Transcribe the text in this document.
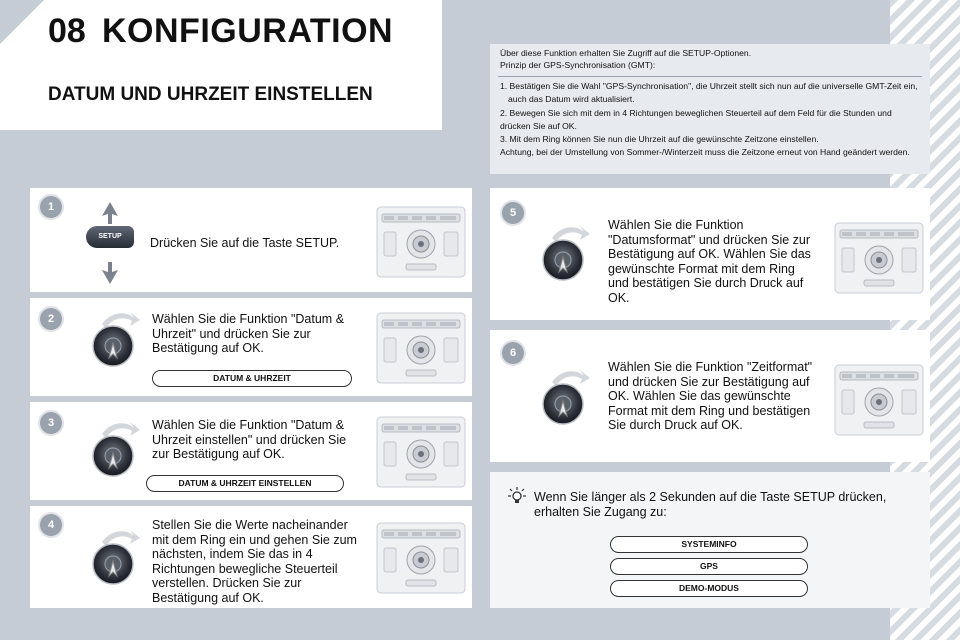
08 KONFIGURATION
DATUM UND UHRZEIT EINSTELLEN
Über diese Funktion erhalten Sie Zugriff auf die SETUP-Optionen.
Prinzip der GPS-Synchronisation (GMT):
1. Bestätigen Sie die Wahl "GPS-Synchronisation", die Uhrzeit stellt sich nun auf die universelle GMT-Zeit ein, auch das Datum wird aktualisiert.
2. Bewegen Sie sich mit dem in 4 Richtungen beweglichen Steuerteil auf dem Feld für die Stunden und drücken Sie auf OK.
3. Mit dem Ring können Sie nun die Uhrzeit auf die gewünschte Zeitzone einstellen.
Achtung, bei der Umstellung von Sommer-/Winterzeit muss die Zeitzone erneut von Hand geändert werden.
SETUP	Drücken Sie auf die Taste SETUP.
1
Wählen Sie die Funktion "Datum & Uhrzeit" und drücken Sie zur Bestätigung auf OK.
DATUM & UHRZEIT
2
Wählen Sie die Funktion "Datum & Uhrzeit einstellen" und drücken Sie zur Bestätigung auf OK.
DATUM & UHRZEIT EINSTELLEN
3
Stellen Sie die Werte nacheinander mit dem Ring ein und gehen Sie zum nächsten, indem Sie das in 4 Richtungen bewegliche Steuerteil verstellen. Drücken Sie zur Bestätigung auf OK.
4
Wählen Sie die Funktion "Datumsformat" und drücken Sie zur Bestätigung auf OK. Wählen Sie das gewünschte Format mit dem Ring und bestätigen Sie durch Druck auf OK.
5
Wählen Sie die Funktion "Zeitformat" und drücken Sie zur Bestätigung auf OK. Wählen Sie das gewünschte Format mit dem Ring und bestätigen Sie durch Druck auf OK.
6
Wenn Sie länger als 2 Sekunden auf die Taste SETUP drücken, erhalten Sie Zugang zu:
SYSTEMINFO
GPS
DEMO-MODUS
